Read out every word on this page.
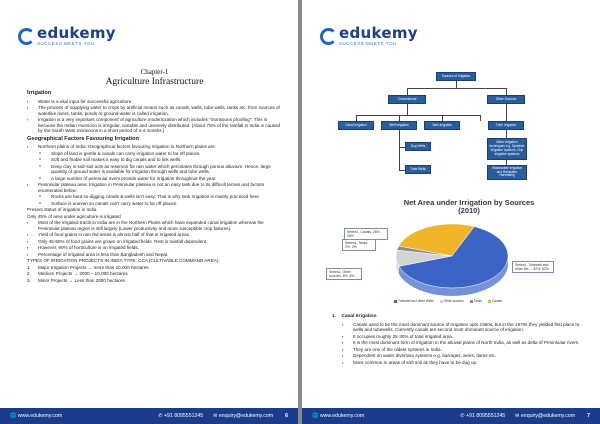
edukemy
SUCCESS MEETS YOU
Chapter-1
Agriculture Infrastructure
Irrigation
▪ Water is a vital input for successful agriculture.
▪ The process of supplying water to crops by artificial means such as canals, wells, tube wells, tanks etc. from sources of waterlike rivers, tanks, ponds or ground-water is called irrigation.
▪ Irrigation is a very important component of agriculture modernization which includes "monsoons proofing". This is because the Indian monsoon is irregular, variable and unevenly distributed. (About 75% of the rainfall in India is caused by the South West monsoons in a short period of 3-4 months.)
Geographical Factors Favouring Irrigation
▪ Northern plains of India: Geographical factors favouring irrigation in Northern plains are:
o Slope of land is gentle & canals can carry irrigation water to far off places.
o Soft and friable soil makes it easy to dig canals and to link wells.
o Deep clay in sub-soil acts as reservoir for rain water which percolates through porous alluvium. Hence, large quantity of ground water is available for irrigation through wells and tube wells.
o A large number of perennial rivers provide water for irrigation throughout the year.
▪ Peninsular plateau area: Irrigation in Peninsular plateau is not an easy task due to its difficult terrain and factors enumerated below:
o Rocks are hard so digging canals & wells isn't easy. That is why tank irrigation is mainly practiced here.
o Surface is uneven so canals can't carry water to far off places.
Present status of irrigation in India
Only 45% of area under agriculture is irrigated
▪ Most of the irrigated tracts in India are in the Northern Plains which have expanded canal irrigation whereas the Peninsular plateau region is still largely (Lower productivity and more susceptible crop failures).
▪ Yield of food grains in rain fed areas is almost half of that in irrigated areas.
▪ Only 45-50% of food grains are grown on irrigated fields. Rest is rainfall dependent.
▪ However, 90% of horticulture is on irrigated fields.
▪ Percentage of irrigated area is less than Bangladesh and Nepal.
TYPES OF IRRIGATION PROJECTS IN INDIA TYPE: CCA (CULTIVABLE COMMAND AREA):
1. Major Irrigation Projects → more than 10,000 hectares
2. Medium Projects → 2000 – 10,000 hectares
3. Minor Projects → Less than 2000 hectares
🌐 www.edukemy.com	✆ +91 8095551245 ✉ enquiry@edukemy.com 6
edukemy
SUCCESS MEETS YOU
Sources of Irrigation
Conventional	Other Sources
Canal Irrigation	Well Irrigation	Tank Irrigation	Tube Irrigation
Dug Wells
Tube Wells
Micro Irrigation techniques e.g. Sprinkler irrigation systems, Drip irrigation systems
Wastewater Irrigation and Rainwater Harvesting
Net Area under Irrigation by Sources (2010)
Series1, Canals, 26%, 26%
Series1, Tanks, 2%, 2%
Series1, Other sources, 8%, 8%
Series1, Tubewell and other We..., 62%, 62%
Tubewell and other Wells	Other sources	Tanks	Canals
1. Canal Irrigation
▪ Canals used to be the most dominant source of irrigation upto 1960s, but in the 1970s they yielded first place to wells and tubewells. Currently canals are second most dominant source of irrigation.
▪ It occupies roughly 25-30% of total irrigated area.
▪ It is the most dominant form of irrigation in the alluvial plains of North India, as well as delta of Peninsular rivers.
▪ They are one of the oldest systems in India.
▪ Dependent on water diversion systems e.g. barrages, weirs, dams etc.
▪ More common in areas of soft soil as they have to be dug up.
🌐 www.edukemy.com	✆ +91 8095551245 ✉ enquiry@edukemy.com 7
